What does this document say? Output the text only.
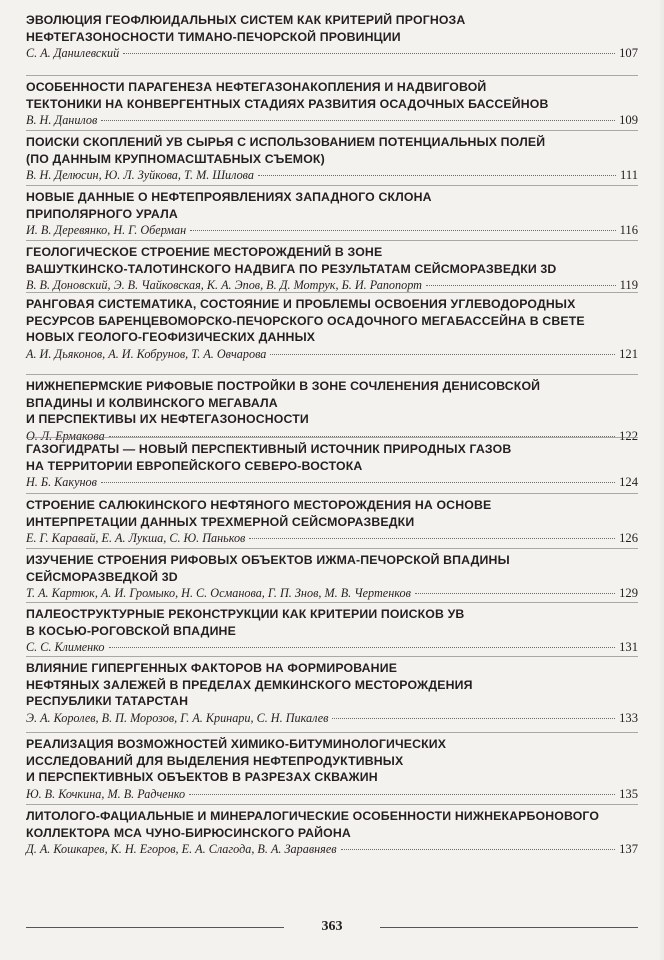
ЭВОЛЮЦИЯ ГЕОФЛЮИДАЛЬНЫХ СИСТЕМ КАК КРИТЕРИЙ ПРОГНОЗА
НЕФТЕГАЗОНОСНОСТИ ТИМАНО-ПЕЧОРСКОЙ ПРОВИНЦИИ
С. А. Данилевский	107
ОСОБЕННОСТИ ПАРАГЕНЕЗА НЕФТЕГАЗОНАКОПЛЕНИЯ И НАДВИГОВОЙ
ТЕКТОНИКИ НА КОНВЕРГЕНТНЫХ СТАДИЯХ РАЗВИТИЯ ОСАДОЧНЫХ БАССЕЙНОВ
В. Н. Данилов	109
ПОИСКИ СКОПЛЕНИЙ УВ СЫРЬЯ С ИСПОЛЬЗОВАНИЕМ ПОТЕНЦИАЛЬНЫХ ПОЛЕЙ
(ПО ДАННЫМ КРУПНОМАСШТАБНЫХ СЪЕМОК)
В. Н. Делюсин, Ю. Л. Зуйкова, Т. М. Шилова	111
НОВЫЕ ДАННЫЕ О НЕФТЕПРОЯВЛЕНИЯХ ЗАПАДНОГО СКЛОНА
ПРИПОЛЯРНОГО УРАЛА
И. В. Деревянко, Н. Г. Оберман	116
ГЕОЛОГИЧЕСКОЕ СТРОЕНИЕ МЕСТОРОЖДЕНИЙ В ЗОНЕ
ВАШУТКИНСКО-ТАЛОТИНСКОГО НАДВИГА ПО РЕЗУЛЬТАТАМ СЕЙСМОРАЗВЕДКИ 3D
В. В. Доновский, Э. В. Чайковская, К. А. Эпов, В. Д. Мотрук, Б. И. Рапопорт	119
РАНГОВАЯ СИСТЕМАТИКА, СОСТОЯНИЕ И ПРОБЛЕМЫ ОСВОЕНИЯ УГЛЕВОДОРОДНЫХ
РЕСУРСОВ БАРЕНЦЕВОМОРСКО-ПЕЧОРСКОГО ОСАДОЧНОГО МЕГАБАССЕЙНА В СВЕТЕ
НОВЫХ ГЕОЛОГО-ГЕОФИЗИЧЕСКИХ ДАННЫХ
А. И. Дьяконов, А. И. Кобрунов, Т. А. Овчарова	121
НИЖНЕПЕРМСКИЕ РИФОВЫЕ ПОСТРОЙКИ В ЗОНЕ СОЧЛЕНЕНИЯ ДЕНИСОВСКОЙ
ВПАДИНЫ И КОЛВИНСКОГО МЕГАВАЛА
И ПЕРСПЕКТИВЫ ИХ НЕФТЕГАЗОНОСНОСТИ
О. Л. Ермакова	122
ГАЗОГИДРАТЫ — НОВЫЙ ПЕРСПЕКТИВНЫЙ ИСТОЧНИК ПРИРОДНЫХ ГАЗОВ
НА ТЕРРИТОРИИ ЕВРОПЕЙСКОГО СЕВЕРО-ВОСТОКА
Н. Б. Какунов	124
СТРОЕНИЕ САЛЮКИНСКОГО НЕФТЯНОГО МЕСТОРОЖДЕНИЯ НА ОСНОВЕ
ИНТЕРПРЕТАЦИИ ДАННЫХ ТРЕХМЕРНОЙ СЕЙСМОРАЗВЕДКИ
Е. Г. Каравай, Е. А. Лукша, С. Ю. Паньков	126
ИЗУЧЕНИЕ СТРОЕНИЯ РИФОВЫХ ОБЪЕКТОВ ИЖМА-ПЕЧОРСКОЙ ВПАДИНЫ
СЕЙСМОРАЗВЕДКОЙ 3D
Т. А. Картюк, А. И. Громыко, Н. С. Османова, Г. П. Знов, М. В. Чертенков	129
ПАЛЕОСТРУКТУРНЫЕ РЕКОНСТРУКЦИИ КАК КРИТЕРИИ ПОИСКОВ УВ
В КОСЬЮ-РОГОВСКОЙ ВПАДИНЕ
С. С. Клименко	131
ВЛИЯНИЕ ГИПЕРГЕННЫХ ФАКТОРОВ НА ФОРМИРОВАНИЕ
НЕФТЯНЫХ ЗАЛЕЖЕЙ В ПРЕДЕЛАХ ДЕМКИНСКОГО МЕСТОРОЖДЕНИЯ
РЕСПУБЛИКИ ТАТАРСТАН
Э. А. Королев, В. П. Морозов, Г. А. Кринари, С. Н. Пикалев	133
РЕАЛИЗАЦИЯ ВОЗМОЖНОСТЕЙ ХИМИКО-БИТУМИНОЛОГИЧЕСКИХ
ИССЛЕДОВАНИЙ ДЛЯ ВЫДЕЛЕНИЯ НЕФТЕПРОДУКТИВНЫХ
И ПЕРСПЕКТИВНЫХ ОБЪЕКТОВ В РАЗРЕЗАХ СКВАЖИН
Ю. В. Кочкина, М. В. Радченко	135
ЛИТОЛОГО-ФАЦИАЛЬНЫЕ И МИНЕРАЛОГИЧЕСКИЕ ОСОБЕННОСТИ НИЖНЕКАРБОНОВОГО
КОЛЛЕКТОРА МСА ЧУНО-БИРЮСИНСКОГО РАЙОНА
Д. А. Кошкарев, К. Н. Егоров, Е. А. Слагода, В. А. Заравняев	137
363
